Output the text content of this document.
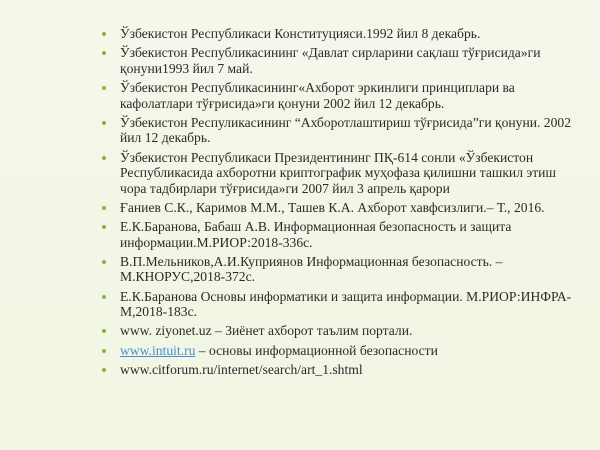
Ўзбекистон Республикаси Конституцияси.1992 йил 8 декабрь.
Ўзбекистон Республикасининг «Давлат сирларини сақлаш тўғрисида»ги қонуни1993 йил 7 май.
Ўзбекистон Республикасининг«Ахборот эркинлиги принциплари ва кафолатлари тўғрисида»ги қонуни 2002 йил 12 декабрь.
Ўзбекистон Респуликасининг “Ахборотлаштириш тўғрисида”ги қонуни. 2002 йил 12 декабрь.
Ўзбекистон Республикаси Президентининг ПҚ-614 сонли «Ўзбекистон Республикасида ахборотни криптографик муҳофаза қилишни ташкил этиш чора тадбирлари тўғрисида»ги 2007 йил 3 апрель қарори
Ғаниев С.К., Каримов М.М., Ташев К.А. Ахборот хавфсизлиги.– Т., 2016.
Е.К.Баранова, Бабаш А.В. Информационная безопасность и защита информации.М.РИОР:2018-336с.
В.П.Мельников,А.И.Куприянов Информационная безопасность. – М.КНОРУС,2018-372с.
Е.К.Баранова Основы информатики и защита информации. М.РИОР:ИНФРА-М,2018-183с.
www. ziyonet.uz – Зиёнет ахборот таълим портали.
www.intuit.ru – основы информационной безопасности
www.citforum.ru/internet/search/art_1.shtml
